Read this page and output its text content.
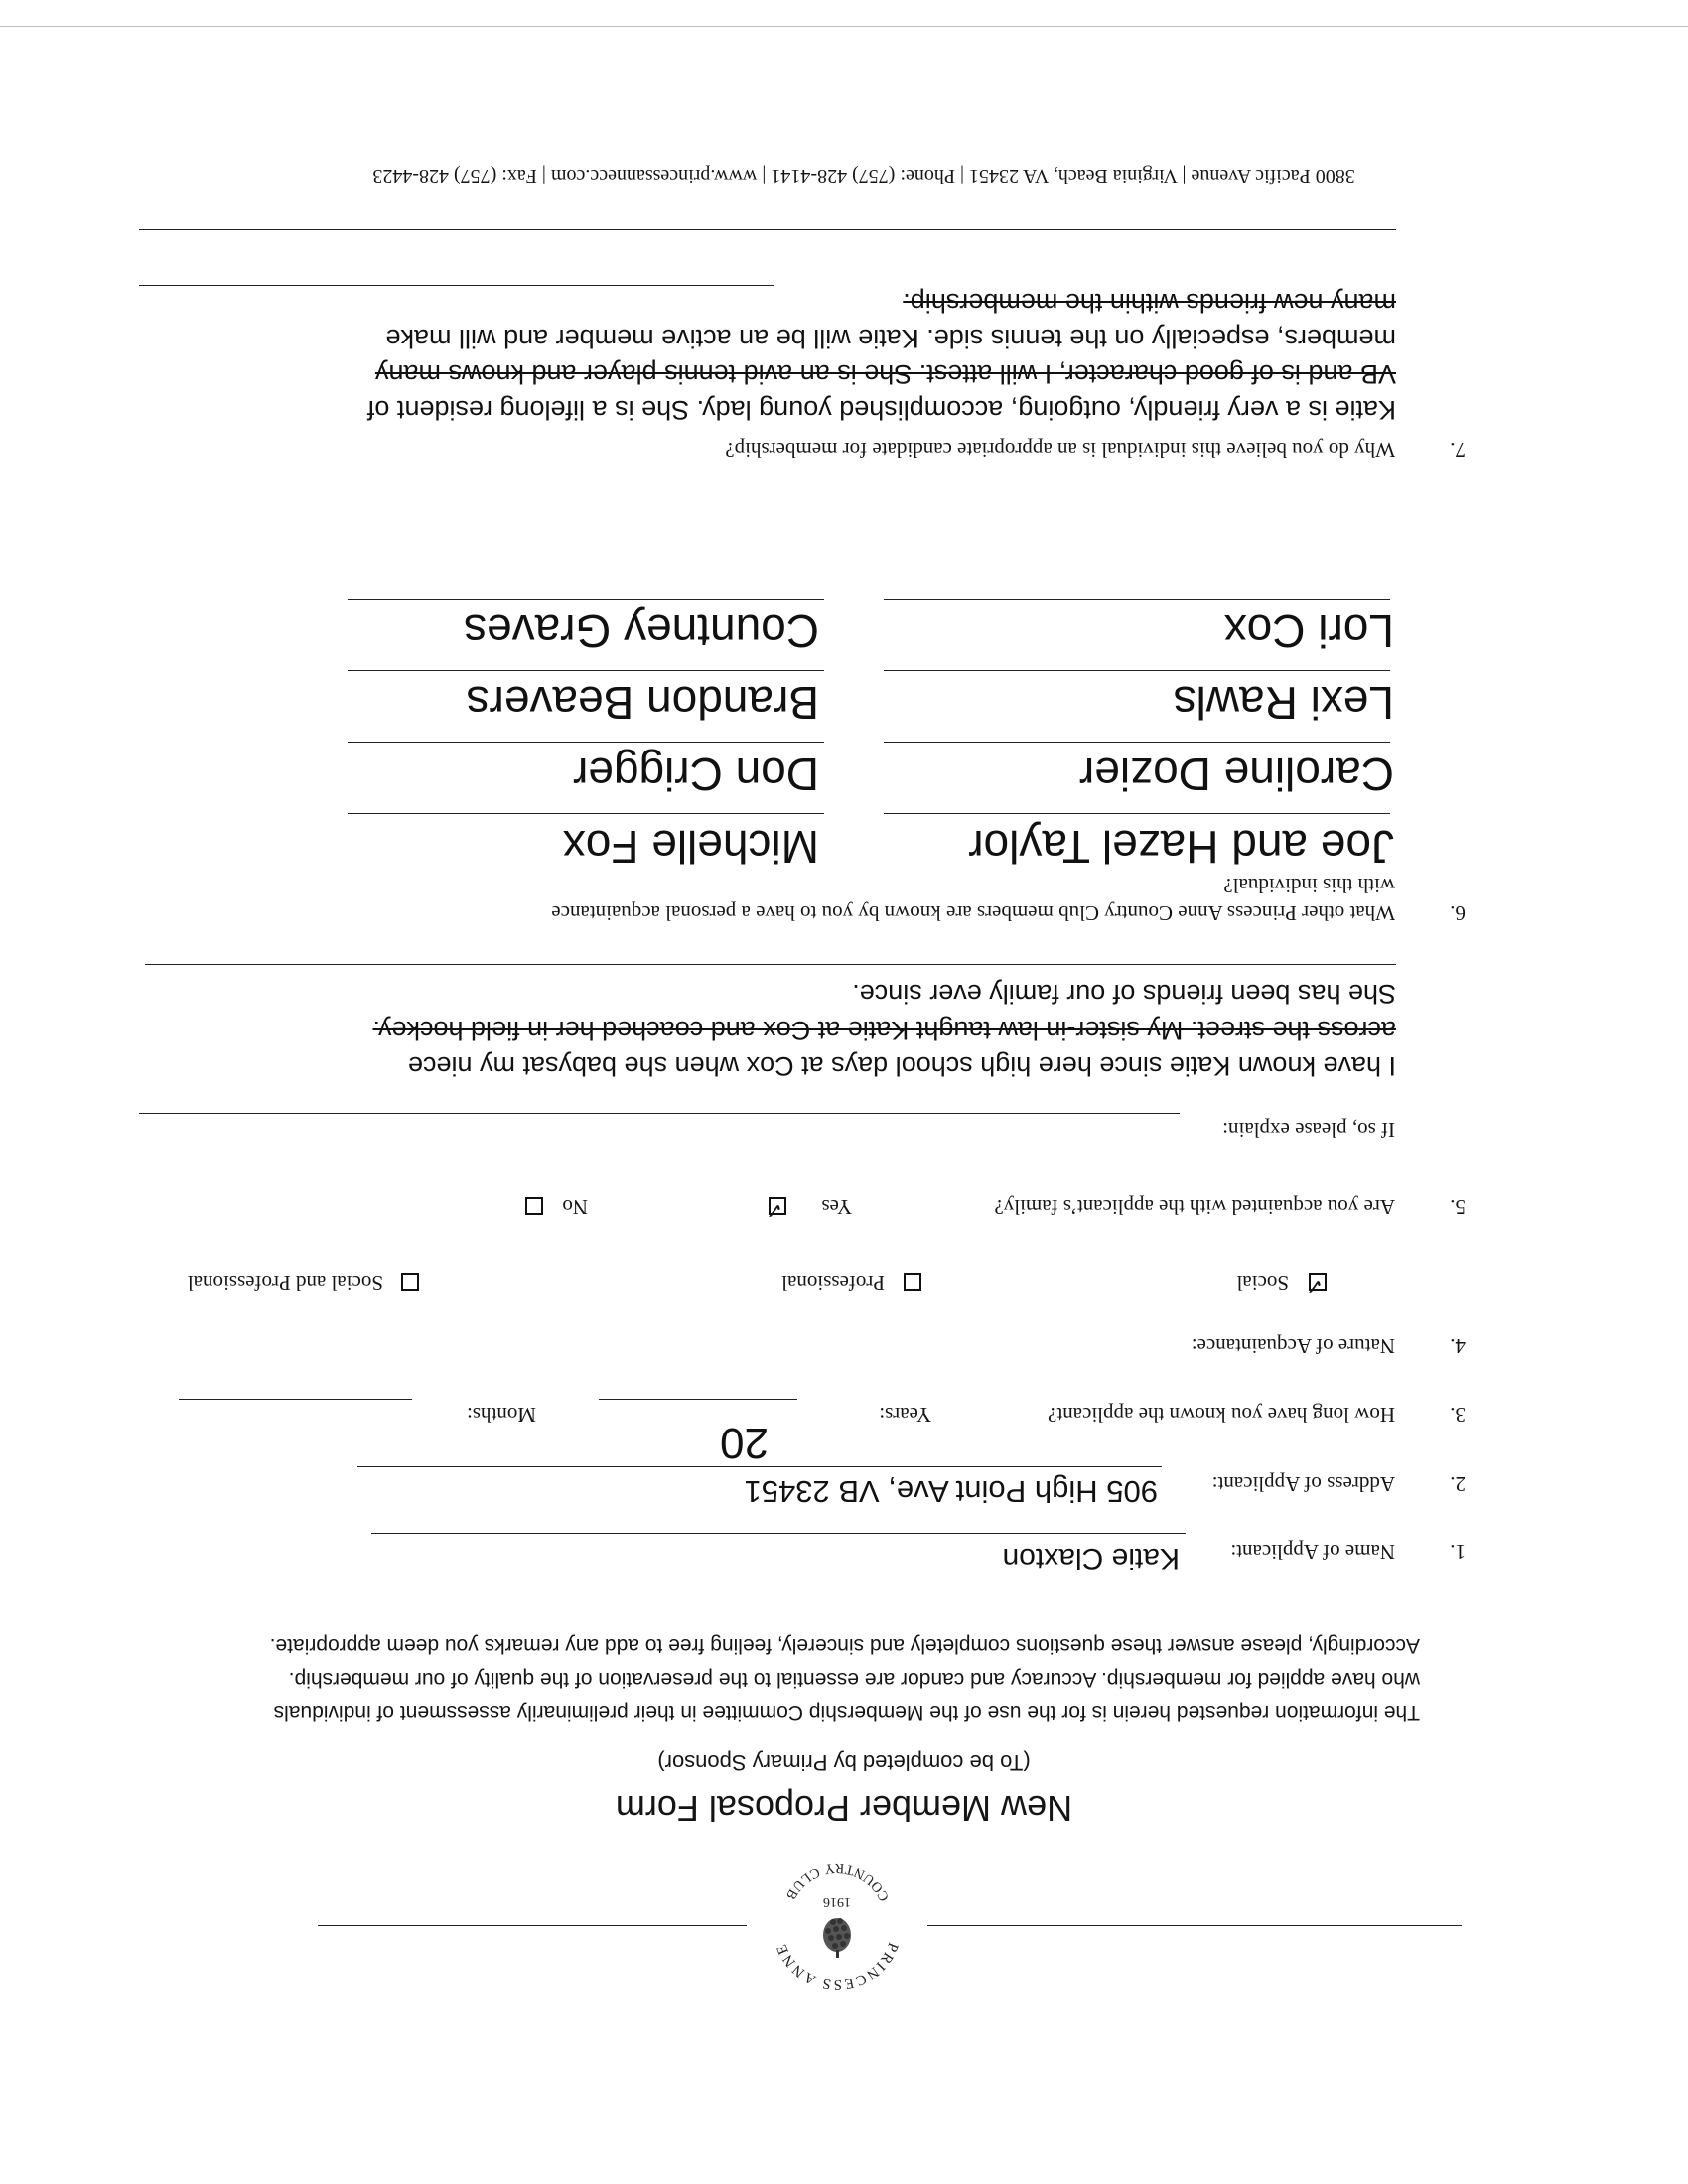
PRINCESS ANNE
COUNTRY CLUB	1916
New Member Proposal Form
(To be completed by Primary Sponsor)
The information requested herein is for the use of the Membership Committee in their preliminarily assessment of individuals who have applied for membership. Accuracy and candor are essential to the preservation of the quality of our membership. Accordingly, please answer these questions completely and sincerely, feeling free to add any remarks you deem appropriate.
1.
Name of Applicant:
Katie Claxton
2.
Address of Applicant:
905 High Point Ave, VB 23451
3.
How long have you known the applicant?
Years:
20
Months:
4.
Nature of Acquaintance:
✓
Social
Professional
Social and Professional
5.
Are you acquainted with the applicant’s family?
Yes
✓
No
If so, please explain:
I have known Katie since here high school days at Cox when she babysat my niece
across the street. My sister-in law taught Katie at Cox and coached her in field hockey.
She has been friends of our family ever since.
6.
What other Princess Anne Country Club members are known by you to have a personal acquaintance
with this individual?
Joe and Hazel Taylor
Michelle Fox
Caroline Dozier
Don Crigger
Lexi Rawls
Brandon Beavers
Lori Cox
Countney Graves
7.
Why do you believe this individual is an appropriate candidate for membership?
Katie is a very friendly, outgoing, accomplished young lady. She is a lifelong resident of
VB and is of good character, I will attest. She is an avid tennis player and knows many
members, especially on the tennis side. Katie will be an active member and will make
many new friends within the membership.
3800 Pacific Avenue | Virginia Beach, VA 23451 | Phone: (757) 428-4141 | www.princessannecc.com | Fax: (757) 428-4423
